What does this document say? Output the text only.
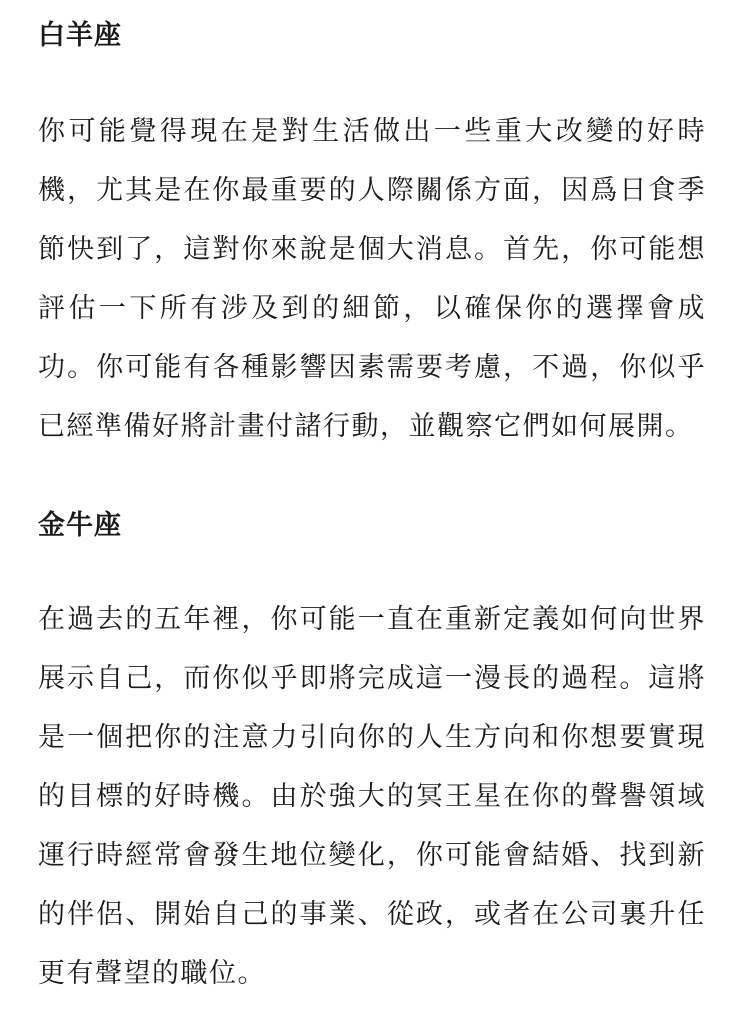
白羊座

你可能覺得現在是對生活做出一些重大改變的好時機，尤其是在你最重要的人際關係方面，因爲日食季節快到了，這對你來說是個大消息。首先，你可能想評估一下所有涉及到的細節，以確保你的選擇會成功。你可能有各種影響因素需要考慮，不過，你似乎已經準備好將計畫付諸行動，並觀察它們如何展開。

金牛座

在過去的五年裡，你可能一直在重新定義如何向世界展示自己，而你似乎即將完成這一漫長的過程。這將是一個把你的注意力引向你的人生方向和你想要實現的目標的好時機。由於強大的冥王星在你的聲譽領域運行時經常會發生地位變化，你可能會結婚、找到新的伴侶、開始自己的事業、從政，或者在公司裏升任更有聲望的職位。
